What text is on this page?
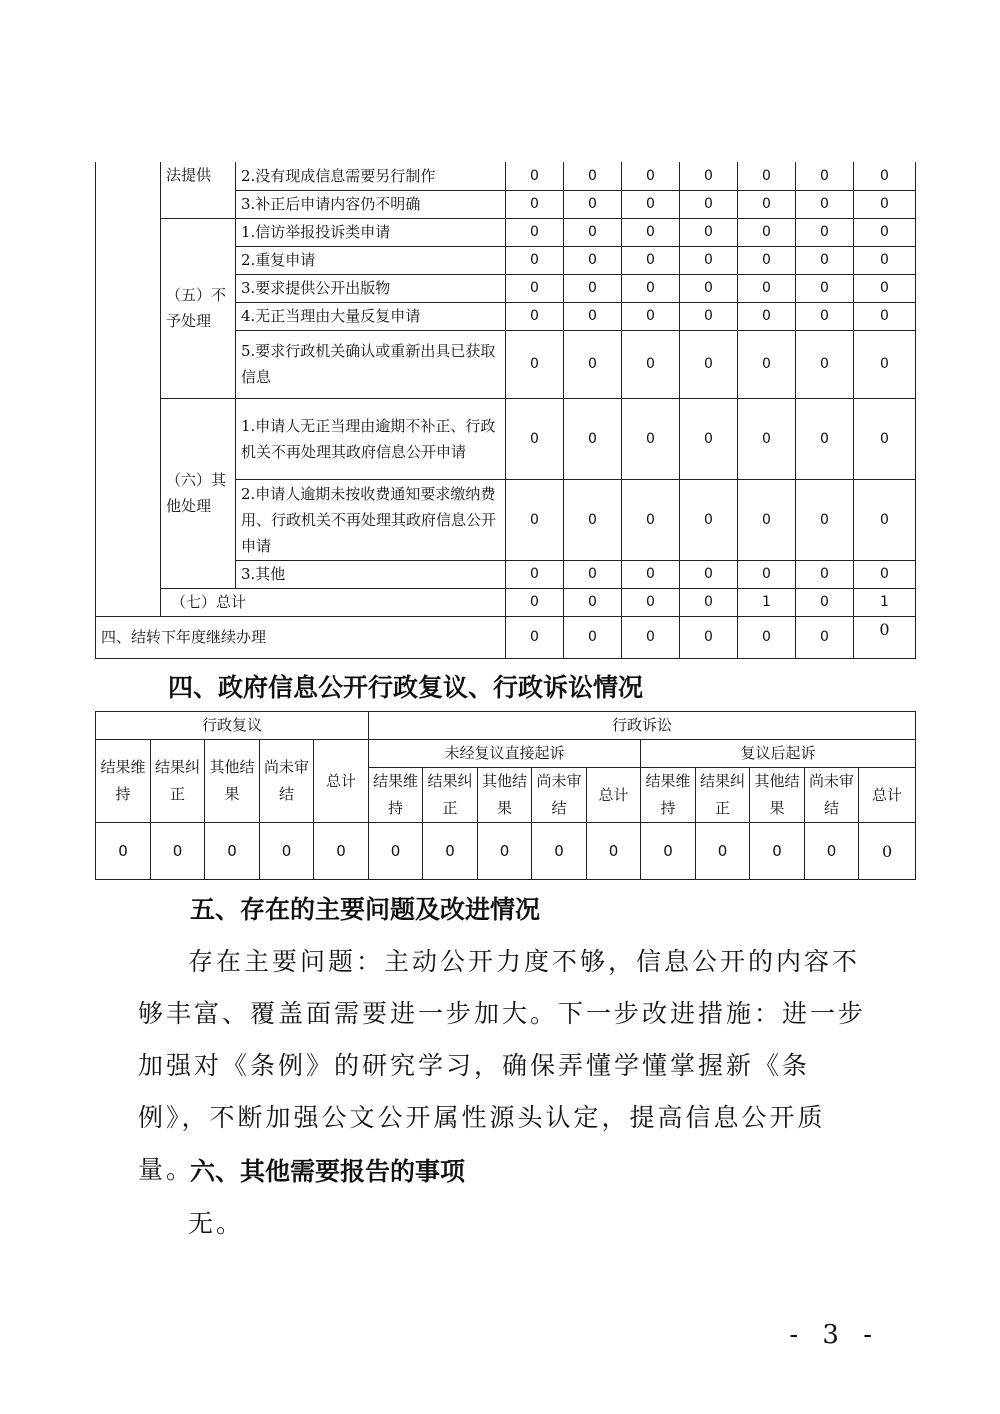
	法提供	2.没有现成信息需要另行制作	0	0	0	0	0	0	0
		3.补正后申请内容仍不明确	0	0	0	0	0	0	0
	（五）不予处理	1.信访举报投诉类申请	0	0	0	0	0	0	0
		2.重复申请	0	0	0	0	0	0	0
		3.要求提供公开出版物	0	0	0	0	0	0	0
		4.无正当理由大量反复申请	0	0	0	0	0	0	0
		5.要求行政机关确认或重新出具已获取信息	0	0	0	0	0	0	0
	（六）其他处理	1.申请人无正当理由逾期不补正、行政机关不再处理其政府信息公开申请	0	0	0	0	0	0	0
		2.申请人逾期未按收费通知要求缴纳费用、行政机关不再处理其政府信息公开申请	0	0	0	0	0	0	0
		3.其他	0	0	0	0	0	0	0
	（七）总计		0	0	0	0	1	0	1
四、结转下年度继续办理			0	0	0	0	0	0	0
四、政府信息公开行政复议、行政诉讼情况
行政复议					行政诉讼									
结果维持	结果纠正	其他结果	尚未审结	总计	未经复议直接起诉					复议后起诉				
					结果维持	结果纠正	其他结果	尚未审结	总计	结果维持	结果纠正	其他结果	尚未审结	总计
0	0	0	0	0	0	0	0	0	0	0	0	0	0	0
五、存在的主要问题及改进情况
存在主要问题：主动公开力度不够，信息公开的内容不够丰富、覆盖面需要进一步加大。下一步改进措施：进一步加强对《条例》的研究学习，确保弄懂学懂掌握新《条例》，不断加强公文公开属性源头认定，提高信息公开质量。
六、其他需要报告的事项
无。
- 3 -
